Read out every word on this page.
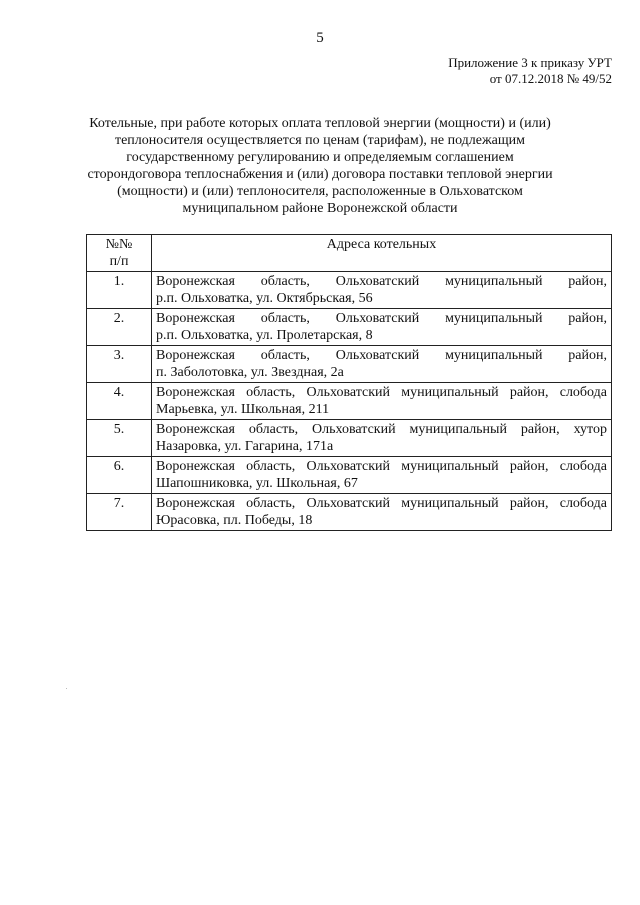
5
Приложение 3 к приказу УРТ
от 07.12.2018 № 49/52
Котельные, при работе которых оплата тепловой энергии (мощности) и (или)
теплоносителя осуществляется по ценам (тарифам), не подлежащим
государственному регулированию и определяемым соглашением
сторондоговора теплоснабжения и (или) договора поставки тепловой энергии
(мощности) и (или) теплоносителя, расположенные в Ольховатском
муниципальном районе Воронежской области
№№
п/п	Адреса котельных
1.	Воронежская область, Ольховатский муниципальный район,
р.п. Ольховатка, ул. Октябрьская, 56

2.	Воронежская область, Ольховатский муниципальный район,
р.п. Ольховатка, ул. Пролетарская, 8

3.	Воронежская область, Ольховатский муниципальный район,
п. Заболотовка, ул. Звездная, 2а

4.	Воронежская область, Ольховатский муниципальный район, слобода
Марьевка, ул. Школьная, 211

5.	Воронежская область, Ольховатский муниципальный район, хутор
Назаровка, ул. Гагарина, 171а

6.	Воронежская область, Ольховатский муниципальный район, слобода
Шапошниковка, ул. Школьная, 67

7.	Воронежская область, Ольховатский муниципальный район, слобода
Юрасовка, пл. Победы, 18
